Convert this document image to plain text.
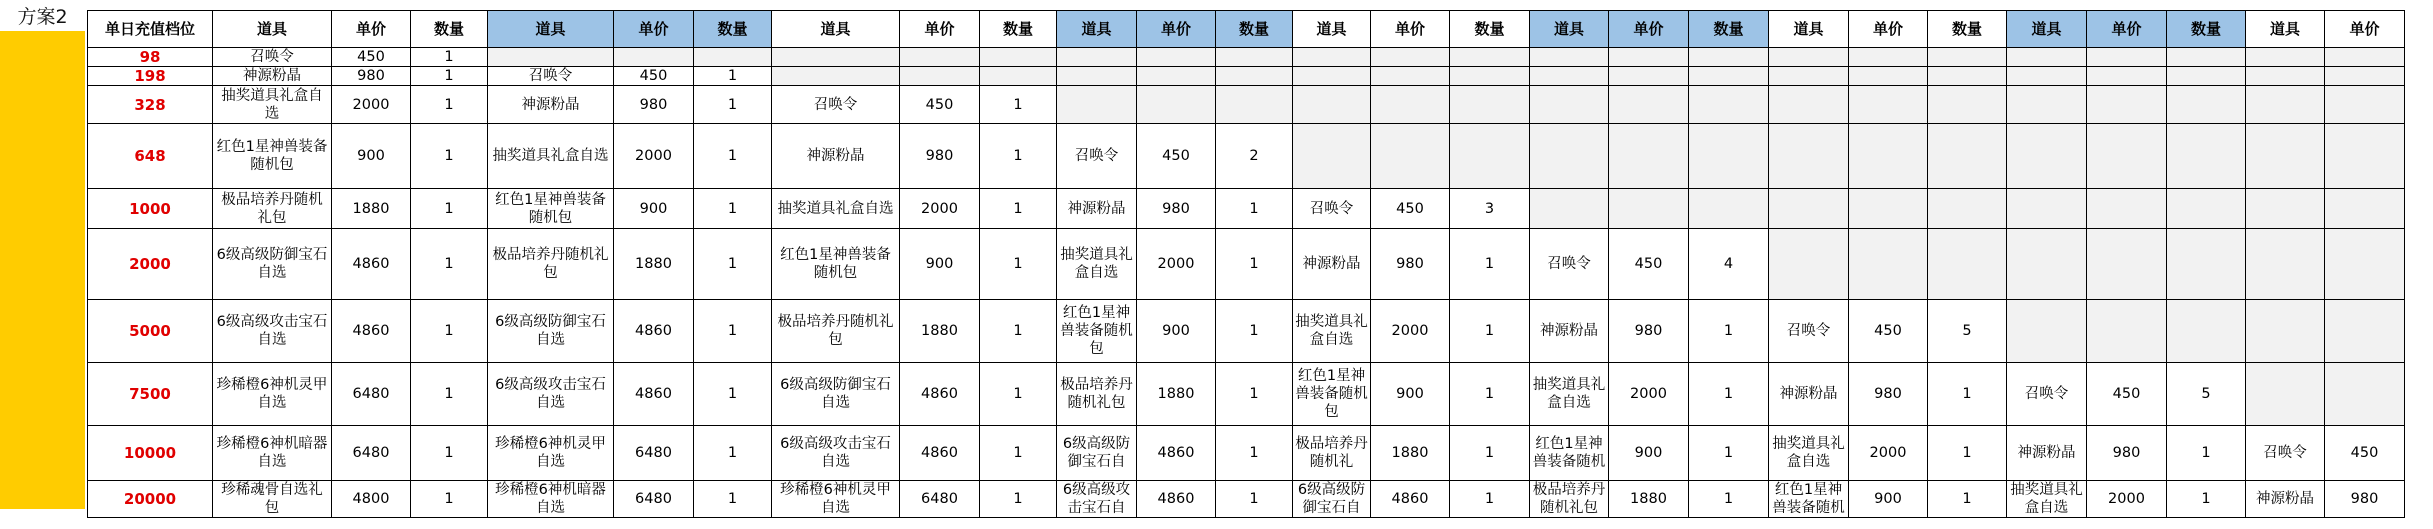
方案2
单日充值档位	道具	单价	数量	道具	单价	数量	道具	单价	数量	道具	单价	数量	道具	单价	数量	道具	单价	数量	道具	单价	数量	道具	单价	数量	道具	单价	
98	召唤令	450	1																								
198	神源粉晶	980	1	召唤令	450	1																					
328	抽奖道具礼盒自选	2000	1	神源粉晶	980	1	召唤令	450	1																		
648	红色1星神兽装备随机包	900	1	抽奖道具礼盒自选	2000	1	神源粉晶	980	1	召唤令	450	2															
1000	极品培养丹随机礼包	1880	1	红色1星神兽装备随机包	900	1	抽奖道具礼盒自选	2000	1	神源粉晶	980	1	召唤令	450	3												
2000	6级高级防御宝石自选	4860	1	极品培养丹随机礼包	1880	1	红色1星神兽装备随机包	900	1	抽奖道具礼盒自选	2000	1	神源粉晶	980	1	召唤令	450	4									
5000	6级高级攻击宝石自选	4860	1	6级高级防御宝石自选	4860	1	极品培养丹随机礼包	1880	1	红色1星神兽装备随机包	900	1	抽奖道具礼盒自选	2000	1	神源粉晶	980	1	召唤令	450	5						
7500	珍稀橙6神机灵甲自选	6480	1	6级高级攻击宝石自选	4860	1	6级高级防御宝石自选	4860	1	极品培养丹随机礼包	1880	1	红色1星神兽装备随机包	900	1	抽奖道具礼盒自选	2000	1	神源粉晶	980	1	召唤令	450	5			
10000	珍稀橙6神机暗器自选	6480	1	珍稀橙6神机灵甲自选	6480	1	6级高级攻击宝石自选	4860	1	6级高级防御宝石自	4860	1	极品培养丹随机礼	1880	1	红色1星神兽装备随机	900	1	抽奖道具礼盒自选	2000	1	神源粉晶	980	1	召唤令	450	
20000	珍稀魂骨自选礼包	4800	1	珍稀橙6神机暗器自选	6480	1	珍稀橙6神机灵甲自选	6480	1	6级高级攻击宝石自	4860	1	6级高级防御宝石自	4860	1	极品培养丹随机礼包	1880	1	红色1星神兽装备随机	900	1	抽奖道具礼盒自选	2000	1	神源粉晶	980	
